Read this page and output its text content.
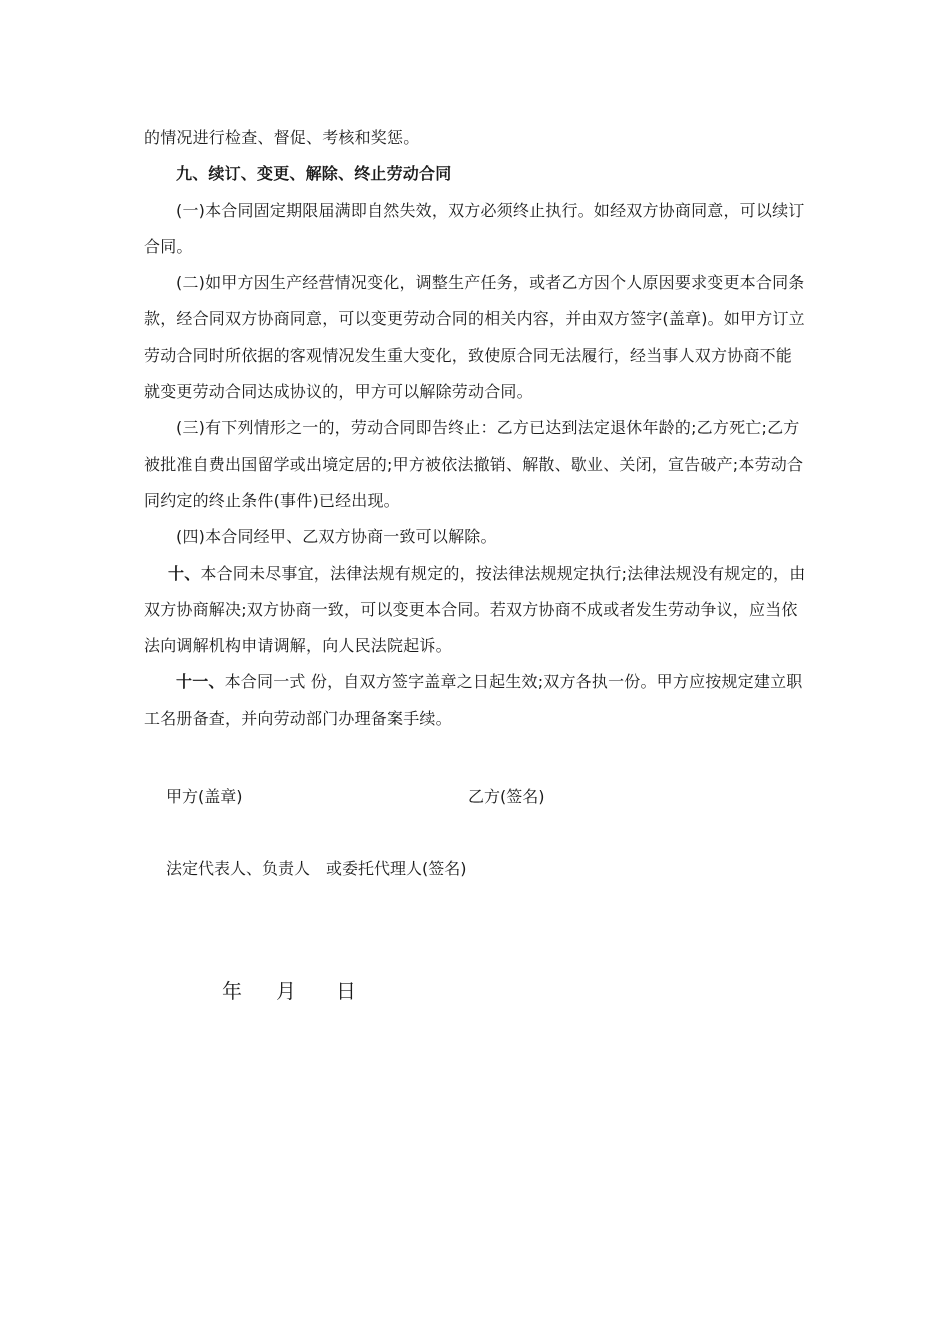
的情况进行检查、督促、考核和奖惩。

九、续订、变更、解除、终止劳动合同

(一)本合同固定期限届满即自然失效，双方必须终止执行。如经双方协商同意，可以续订合同。

(二)如甲方因生产经营情况变化，调整生产任务，或者乙方因个人原因要求变更本合同条款，经合同双方协商同意，可以变更劳动合同的相关内容，并由双方签字(盖章)。如甲方订立劳动合同时所依据的客观情况发生重大变化，致使原合同无法履行，经当事人双方协商不能就变更劳动合同达成协议的，甲方可以解除劳动合同。

(三)有下列情形之一的，劳动合同即告终止：乙方已达到法定退休年龄的;乙方死亡;乙方被批准自费出国留学或出境定居的;甲方被依法撤销、解散、歇业、关闭，宣告破产;本劳动合同约定的终止条件(事件)已经出现。

(四)本合同经甲、乙双方协商一致可以解除。

十、本合同未尽事宜，法律法规有规定的，按法律法规规定执行;法律法规没有规定的，由双方协商解决;双方协商一致，可以变更本合同。若双方协商不成或者发生劳动争议，应当依法向调解机构申请调解，向人民法院起诉。

十一、本合同一式 份，自双方签字盖章之日起生效;双方各执一份。甲方应按规定建立职工名册备查，并向劳动部门办理备案手续。

甲方(盖章)	乙方(签名)
法定代表人、负责人　或委托代理人(签名)
年 月 日
